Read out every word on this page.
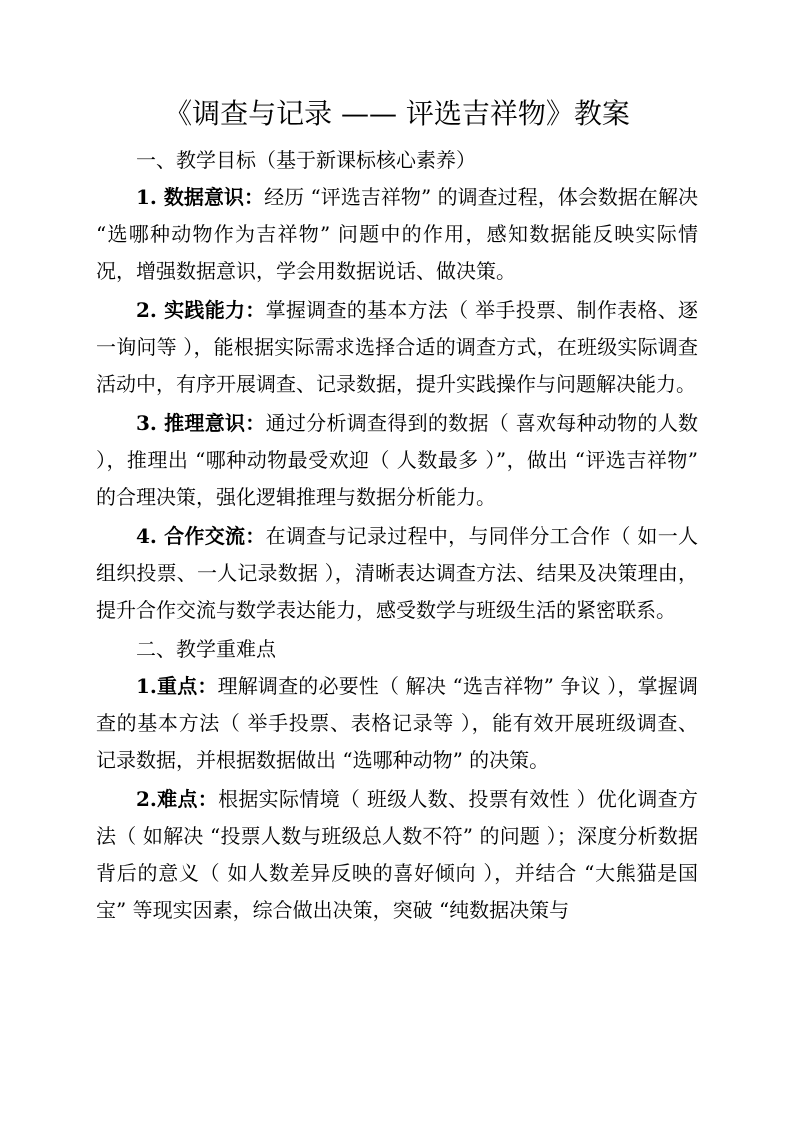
《调查与记录 —— 评选吉祥物》教案

一、教学目标（基于新课标核心素养）

1. 数据意识：经历 “评选吉祥物” 的调查过程，体会数据在解决 “选哪种动物作为吉祥物” 问题中的作用，感知数据能反映实际情况，增强数据意识，学会用数据说话、做决策。

2. 实践能力：掌握调查的基本方法（ 举手投票、制作表格、逐一询问等 ），能根据实际需求选择合适的调查方式，在班级实际调查活动中，有序开展调查、记录数据，提升实践操作与问题解决能力。

3. 推理意识：通过分析调查得到的数据（ 喜欢每种动物的人数 ），推理出 “哪种动物最受欢迎（ 人数最多 ）”，做出 “评选吉祥物” 的合理决策，强化逻辑推理与数据分析能力。

4. 合作交流：在调查与记录过程中，与同伴分工合作（ 如一人组织投票、一人记录数据 ），清晰表达调查方法、结果及决策理由，提升合作交流与数学表达能力，感受数学与班级生活的紧密联系。

二、教学重难点

1.重点：理解调查的必要性（ 解决 “选吉祥物” 争议 ），掌握调查的基本方法（ 举手投票、表格记录等 ），能有效开展班级调查、记录数据，并根据数据做出 “选哪种动物” 的决策。

2.难点：根据实际情境（ 班级人数、投票有效性 ）优化调查方法（ 如解决 “投票人数与班级总人数不符” 的问题 ）；深度分析数据背后的意义（ 如人数差异反映的喜好倾向 ），并结合 “大熊猫是国宝” 等现实因素，综合做出决策，突破 “纯数据决策与
